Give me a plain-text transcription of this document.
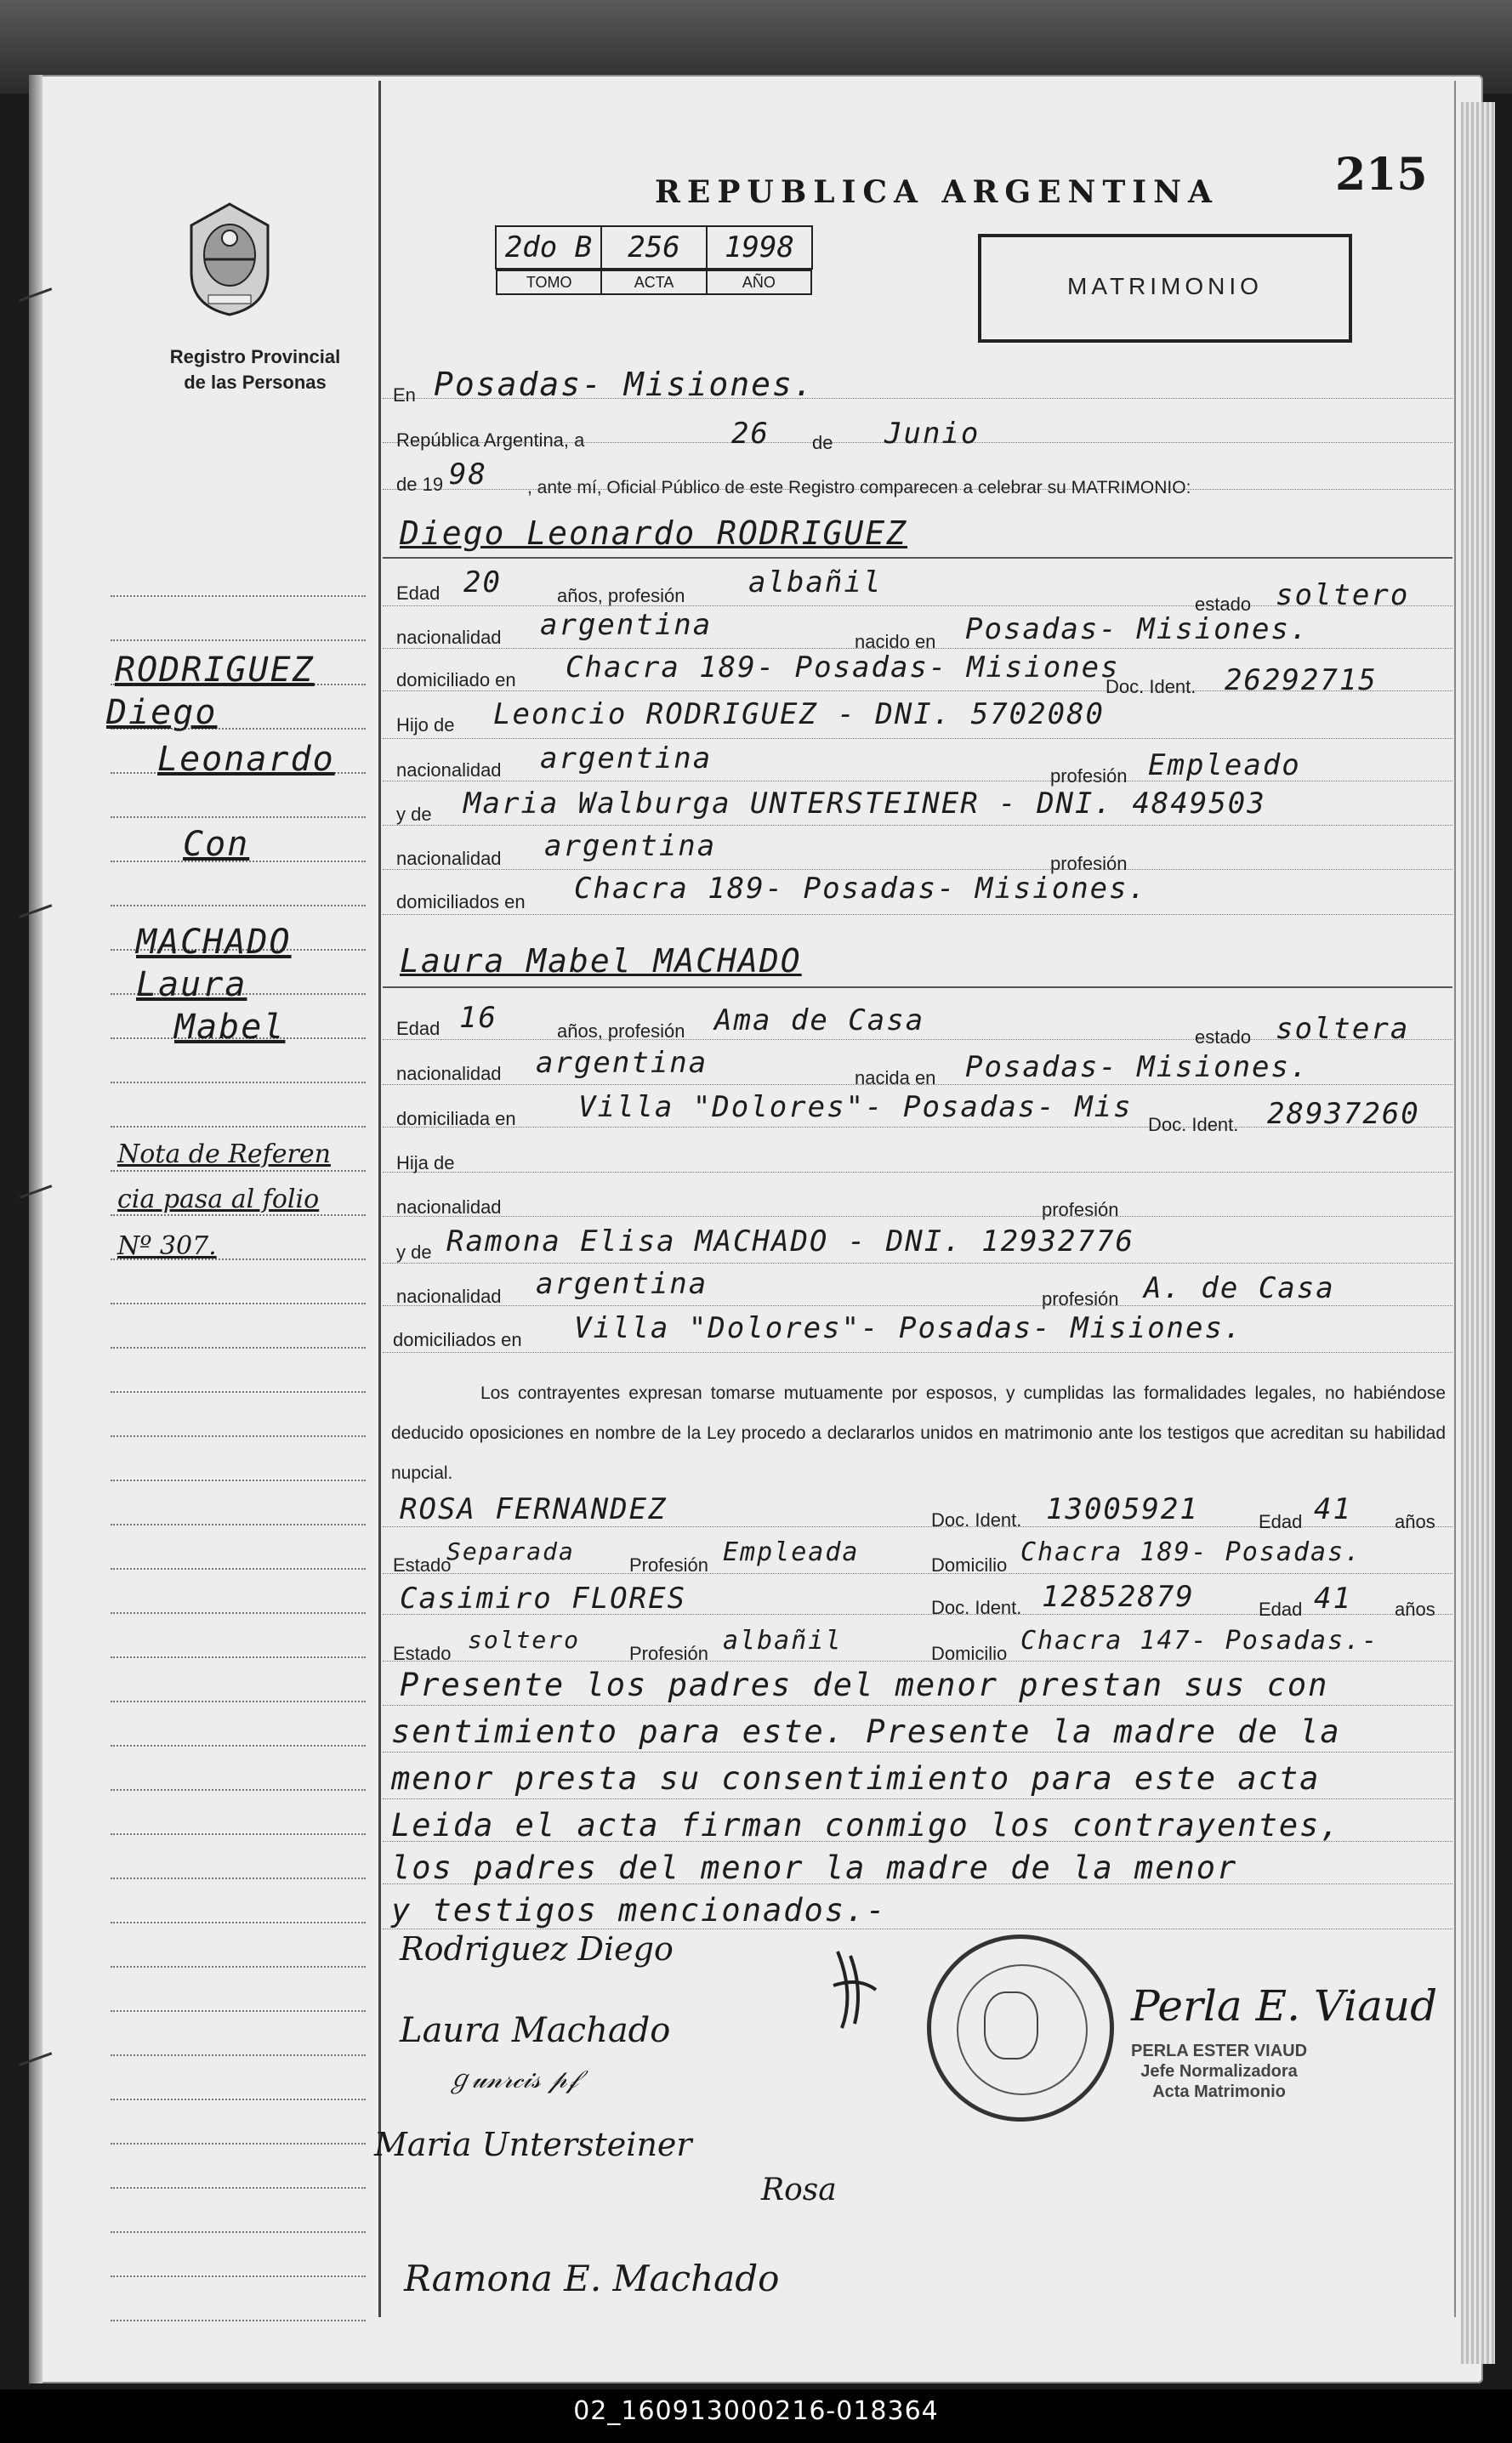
Registro Provincial
de las Personas
REPUBLICA ARGENTINA	215
MATRIMONIO
2do B	256	1998

TOMO	ACTA	AÑO
RODRIGUEZ
Diego
Leonardo
Con
MACHADO
Laura
Mabel
Nota de Referen
cia pasa al folio
Nº 307.
En Posadas- Misiones.
República Argentina, a	26 de Junio
de 19 98 , ante mí, Oficial Público de este Registro comparecen a celebrar su MATRIMONIO:
Diego Leonardo RODRIGUEZ
Edad 20	años, profesión albañil
estado soltero
nacionalidad argentina	nacido en Posadas- Misiones.
domiciliado en Chacra 189- Posadas- Misiones
Doc. Ident. 26292715
Hijo de Leoncio RODRIGUEZ - DNI. 5702080
nacionalidad argentina
profesión Empleado
y de Maria Walburga UNTERSTEINER - DNI. 4849503
nacionalidad argentina
profesión
domiciliados en Chacra 189- Posadas- Misiones.
Laura Mabel MACHADO
Edad 16	años, profesión Ama de Casa	estado soltera
nacionalidad argentina	nacida en Posadas- Misiones.
domiciliada en Villa "Dolores"- Posadas- Mis
Doc. Ident. 28937260
Hija de
nacionalidad	profesión
y de Ramona Elisa MACHADO - DNI. 12932776
nacionalidad argentina	profesión A. de Casa
domiciliados en Villa "Dolores"- Posadas- Misiones.
Los contrayentes expresan tomarse mutuamente por esposos, y cumplidas las formalidades legales, no habiéndose deducido oposiciones en nombre de la Ley procedo a declararlos unidos en matrimonio ante los testigos que acreditan su habilidad nupcial.
ROSA FERNANDEZ	Doc. Ident. 13005921	Edad 41 años
Estado
Separada	Profesión Empleada	Domicilio Chacra 189- Posadas.
Casimiro FLORES	Doc. Ident. 12852879	Edad 41 años
Estado soltero	Profesión albañil	Domicilio Chacra 147- Posadas.-
Presente los padres del menor prestan sus con
sentimiento para este. Presente la madre de la
menor presta su consentimiento para este acta
Leida el acta firman conmigo los contrayentes,
los padres del menor la madre de la menor
y testigos mencionados.-
Rodriguez Diego
Laura Machado
ℊ𝓊𝓃𝓇𝒸𝒾𝓈 𝓅𝒻
Maria Untersteiner
Rosa
Ramona E. Machado
Perla E. Viaud
PERLA ESTER VIAUD
Jefe Normalizadora
Acta Matrimonio
02_160913000216-018364
